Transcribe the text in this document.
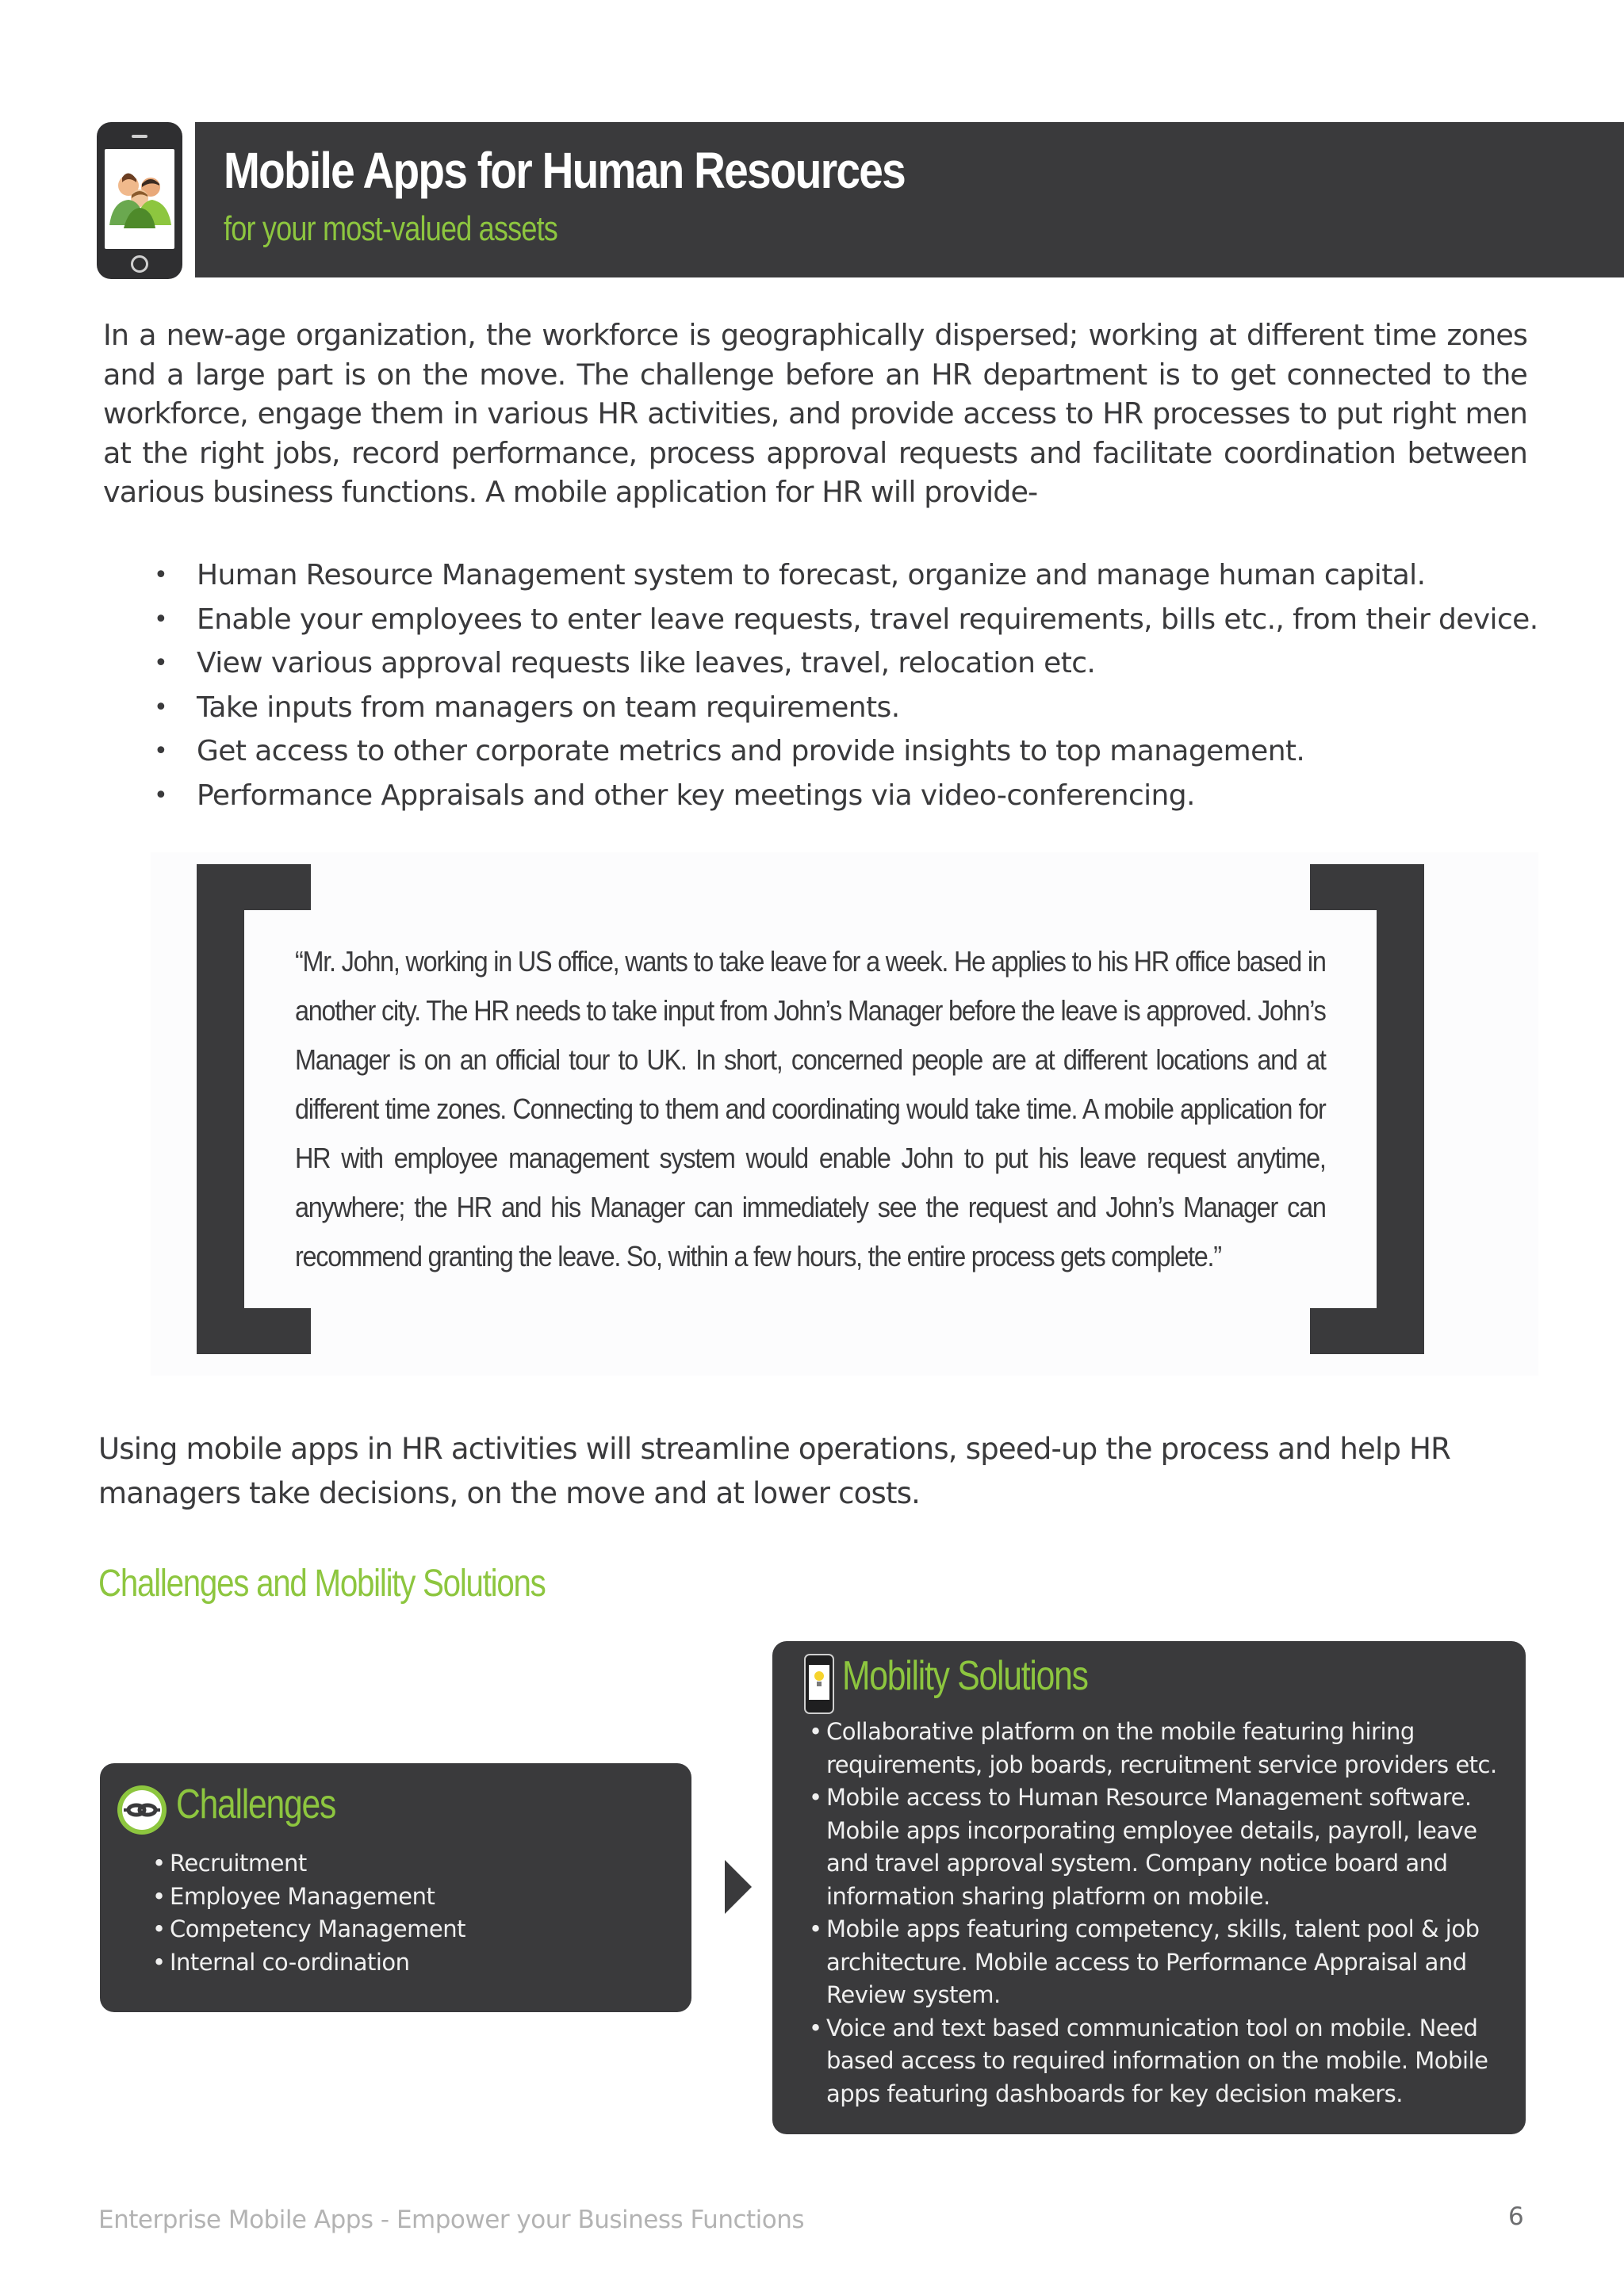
Mobile Apps for Human Resources
for your most-valued assets

In a new-age organization, the workforce is geographically dispersed; working at different time zones and a large part is on the move. The challenge before an HR department is to get connected to the workforce, engage them in various HR activities, and provide access to HR processes to put right men at the right jobs, record performance, process approval requests and facilitate coordination between various business functions. A mobile application for HR will provide-

• Human Resource Management system to forecast, organize and manage human capital.
• Enable your employees to enter leave requests, travel requirements, bills etc., from their device.
• View various approval requests like leaves, travel, relocation etc.
• Take inputs from managers on team requirements.
• Get access to other corporate metrics and provide insights to top management.
• Performance Appraisals and other key meetings via video-conferencing.

“Mr. John, working in US office, wants to take leave for a week. He applies to his HR office based in another city. The HR needs to take input from John’s Manager before the leave is approved. John’s Manager is on an official tour to UK. In short, concerned people are at different locations and at different time zones. Connecting to them and coordinating would take time. A mobile application for HR with employee management system would enable John to put his leave request anytime, anywhere; the HR and his Manager can immediately see the request and John’s Manager can recommend granting the leave. So, within a few hours, the entire process gets complete.”

Using mobile apps in HR activities will streamline operations, speed-up the process and help HR managers take decisions, on the move and at lower costs.

Challenges and Mobility Solutions
Challenges
• Recruitment
• Employee Management
• Competency Management
• Internal co-ordination
Mobility Solutions
• Collaborative platform on the mobile featuring hiring requirements, job boards, recruitment service providers etc.
• Mobile access to Human Resource Management software. Mobile apps incorporating employee details, payroll, leave and travel approval system. Company notice board and information sharing platform on mobile.
• Mobile apps featuring competency, skills, talent pool & job architecture. Mobile access to Performance Appraisal and Review system.
• Voice and text based communication tool on mobile. Need based access to required information on the mobile. Mobile apps featuring dashboards for key decision makers.
Enterprise Mobile Apps - Empower your Business Functions	6
